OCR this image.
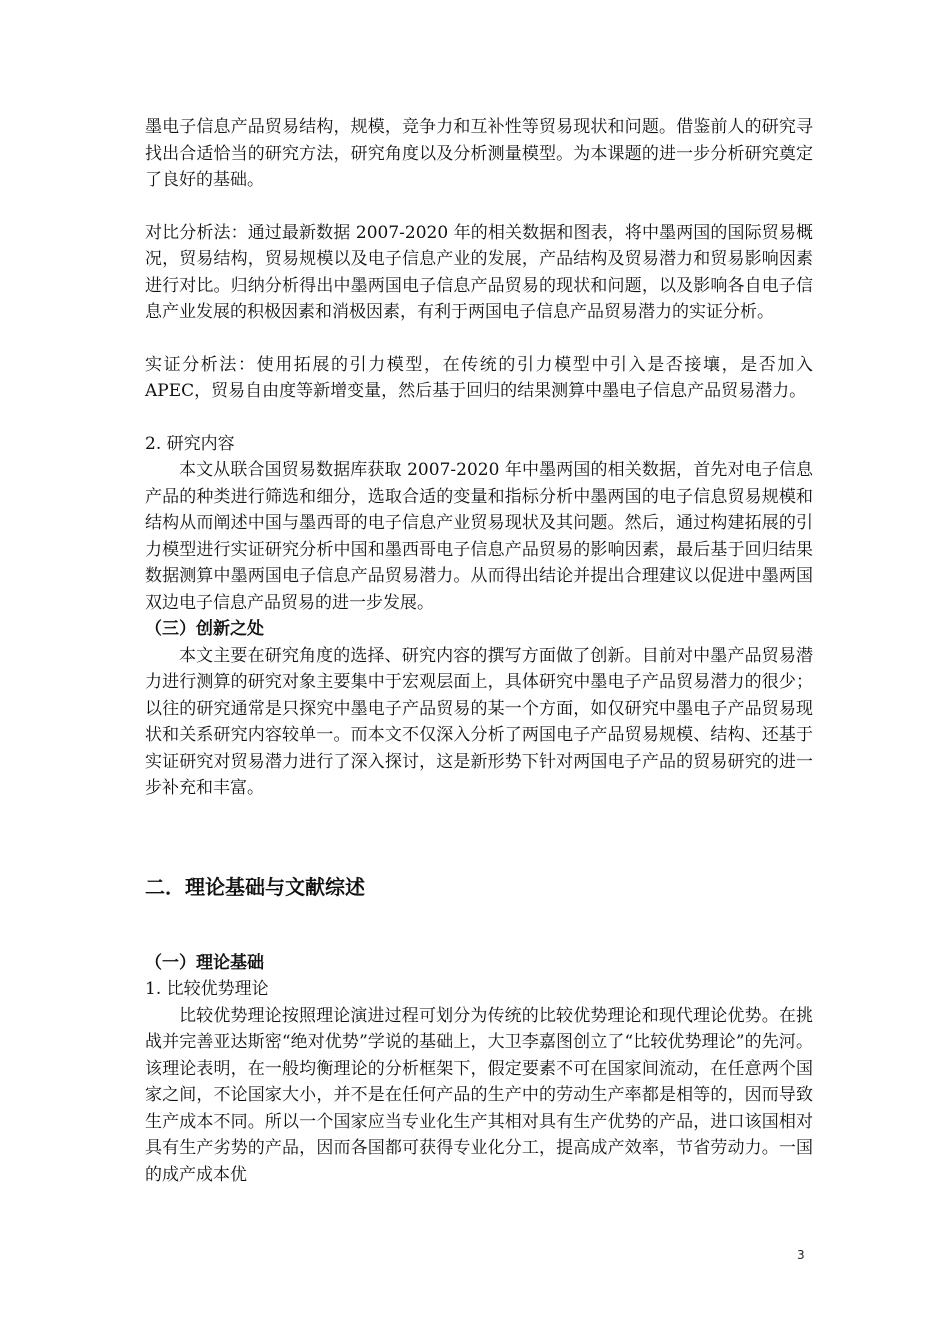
墨电子信息产品贸易结构，规模，竞争力和互补性等贸易现状和问题。借鉴前人的研究寻找出合适恰当的研究方法，研究角度以及分析测量模型。为本课题的进一步分析研究奠定了良好的基础。

对比分析法：通过最新数据 2007-2020 年的相关数据和图表，将中墨两国的国际贸易概况，贸易结构，贸易规模以及电子信息产业的发展，产品结构及贸易潜力和贸易影响因素进行对比。归纳分析得出中墨两国电子信息产品贸易的现状和问题，以及影响各自电子信息产业发展的积极因素和消极因素，有利于两国电子信息产品贸易潜力的实证分析。

实证分析法：使用拓展的引力模型，在传统的引力模型中引入是否接壤，是否加入 APEC，贸易自由度等新增变量，然后基于回归的结果测算中墨电子信息产品贸易潜力。

2. 研究内容

本文从联合国贸易数据库获取 2007-2020 年中墨两国的相关数据，首先对电子信息产品的种类进行筛选和细分，选取合适的变量和指标分析中墨两国的电子信息贸易规模和结构从而阐述中国与墨西哥的电子信息产业贸易现状及其问题。然后，通过构建拓展的引力模型进行实证研究分析中国和墨西哥电子信息产品贸易的影响因素，最后基于回归结果数据测算中墨两国电子信息产品贸易潜力。从而得出结论并提出合理建议以促进中墨两国双边电子信息产品贸易的进一步发展。

（三）创新之处

本文主要在研究角度的选择、研究内容的撰写方面做了创新。目前对中墨产品贸易潜力进行测算的研究对象主要集中于宏观层面上，具体研究中墨电子产品贸易潜力的很少；以往的研究通常是只探究中墨电子产品贸易的某一个方面，如仅研究中墨电子产品贸易现状和关系研究内容较单一。而本文不仅深入分析了两国电子产品贸易规模、结构、还基于实证研究对贸易潜力进行了深入探讨，这是新形势下针对两国电子产品的贸易研究的进一步补充和丰富。

二．理论基础与文献综述

（一）理论基础

1. 比较优势理论

比较优势理论按照理论演进过程可划分为传统的比较优势理论和现代理论优势。在挑战并完善亚达斯密“绝对优势”学说的基础上，大卫李嘉图创立了“比较优势理论”的先河。该理论表明，在一般均衡理论的分析框架下，假定要素不可在国家间流动，在任意两个国家之间，不论国家大小，并不是在任何产品的生产中的劳动生产率都是相等的，因而导致生产成本不同。所以一个国家应当专业化生产其相对具有生产优势的产品，进口该国相对具有生产劣势的产品，因而各国都可获得专业化分工，提高成产效率，节省劳动力。一国的成产成本优

3
